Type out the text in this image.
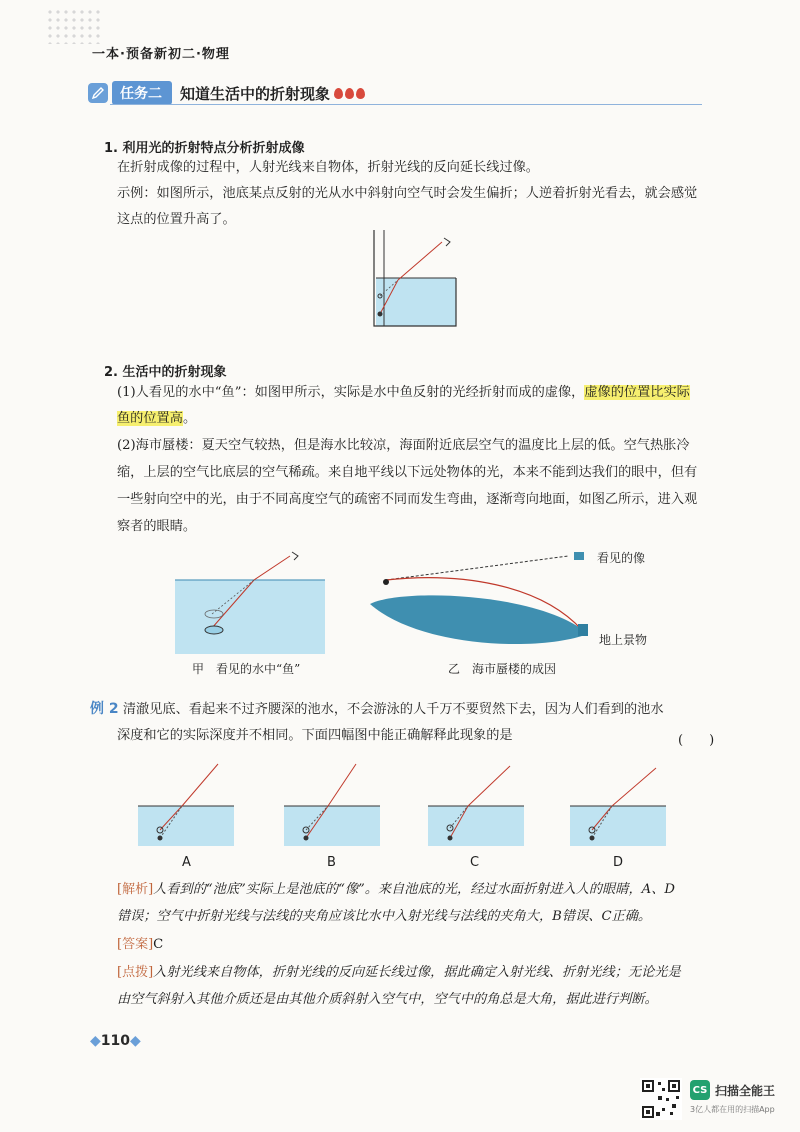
一本·预备新初二·物理
任务二	知道生活中的折射现象
1. 利用光的折射特点分析折射成像
在折射成像的过程中，人射光线来自物体，折射光线的反向延长线过像。
示例：如图所示，池底某点反射的光从水中斜射向空气时会发生偏折；人逆着折射光看去，就会感觉
这点的位置升高了。
2. 生活中的折射现象
(1)人看见的水中“鱼”：如图甲所示，实际是水中鱼反射的光经折射而成的虚像，虚像的位置比实际
鱼的位置高。
(2)海市蜃楼：夏天空气较热，但是海水比较凉，海面附近底层空气的温度比上层的低。空气热胀冷
缩，上层的空气比底层的空气稀疏。来自地平线以下远处物体的光，本来不能到达我们的眼中，但有
一些射向空中的光，由于不同高度空气的疏密不同而发生弯曲，逐渐弯向地面，如图乙所示，进入观
察者的眼睛。
甲　看见的水中“鱼”
看见的像
地上景物
乙　海市蜃楼的成因
例 2 清澈见底、看起来不过齐腰深的池水，不会游泳的人千万不要贸然下去，因为人们看到的池水
深度和它的实际深度并不相同。下面四幅图中能正确解释此现象的是	(　　)
A	B	C	D
[解析]人看到的“池底”实际上是池底的“像”。来自池底的光，经过水面折射进入人的眼睛，A、D
错误；空气中折射光线与法线的夹角应该比水中入射光线与法线的夹角大，B错误、C正确。
[答案]C
[点拨]入射光线来自物体，折射光线的反向延长线过像，据此确定入射光线、折射光线；无论光是
由空气斜射入其他介质还是由其他介质斜射入空气中，空气中的角总是大角，据此进行判断。
◆110◆
CS 扫描全能王
3亿人都在用的扫描App
